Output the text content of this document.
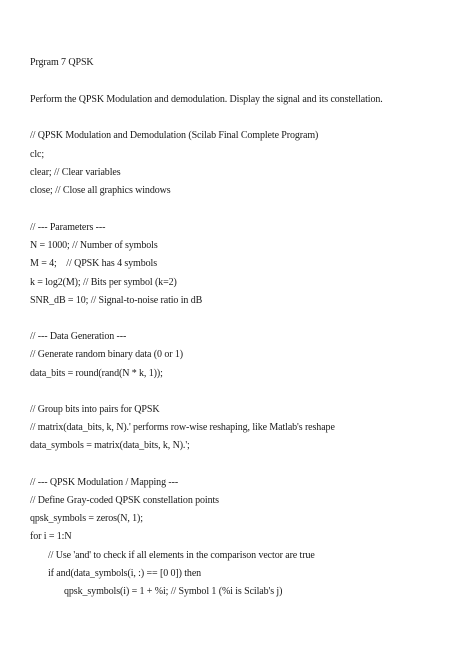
Prgram 7 QPSK
Perform the QPSK Modulation and demodulation. Display the signal and its constellation.
// QPSK Modulation and Demodulation (Scilab Final Complete Program)
clc;
clear; // Clear variables
close; // Close all graphics windows
// --- Parameters ---
N = 1000; // Number of symbols
M = 4;    // QPSK has 4 symbols
k = log2(M); // Bits per symbol (k=2)
SNR_dB = 10; // Signal-to-noise ratio in dB
// --- Data Generation ---
// Generate random binary data (0 or 1)
data_bits = round(rand(N * k, 1));
// Group bits into pairs for QPSK
// matrix(data_bits, k, N).' performs row-wise reshaping, like Matlab's reshape
data_symbols = matrix(data_bits, k, N).';
// --- QPSK Modulation / Mapping ---
// Define Gray-coded QPSK constellation points
qpsk_symbols = zeros(N, 1);
for i = 1:N
// Use 'and' to check if all elements in the comparison vector are true
if and(data_symbols(i, :) == [0 0]) then
qpsk_symbols(i) = 1 + %i; // Symbol 1 (%i is Scilab's j)
